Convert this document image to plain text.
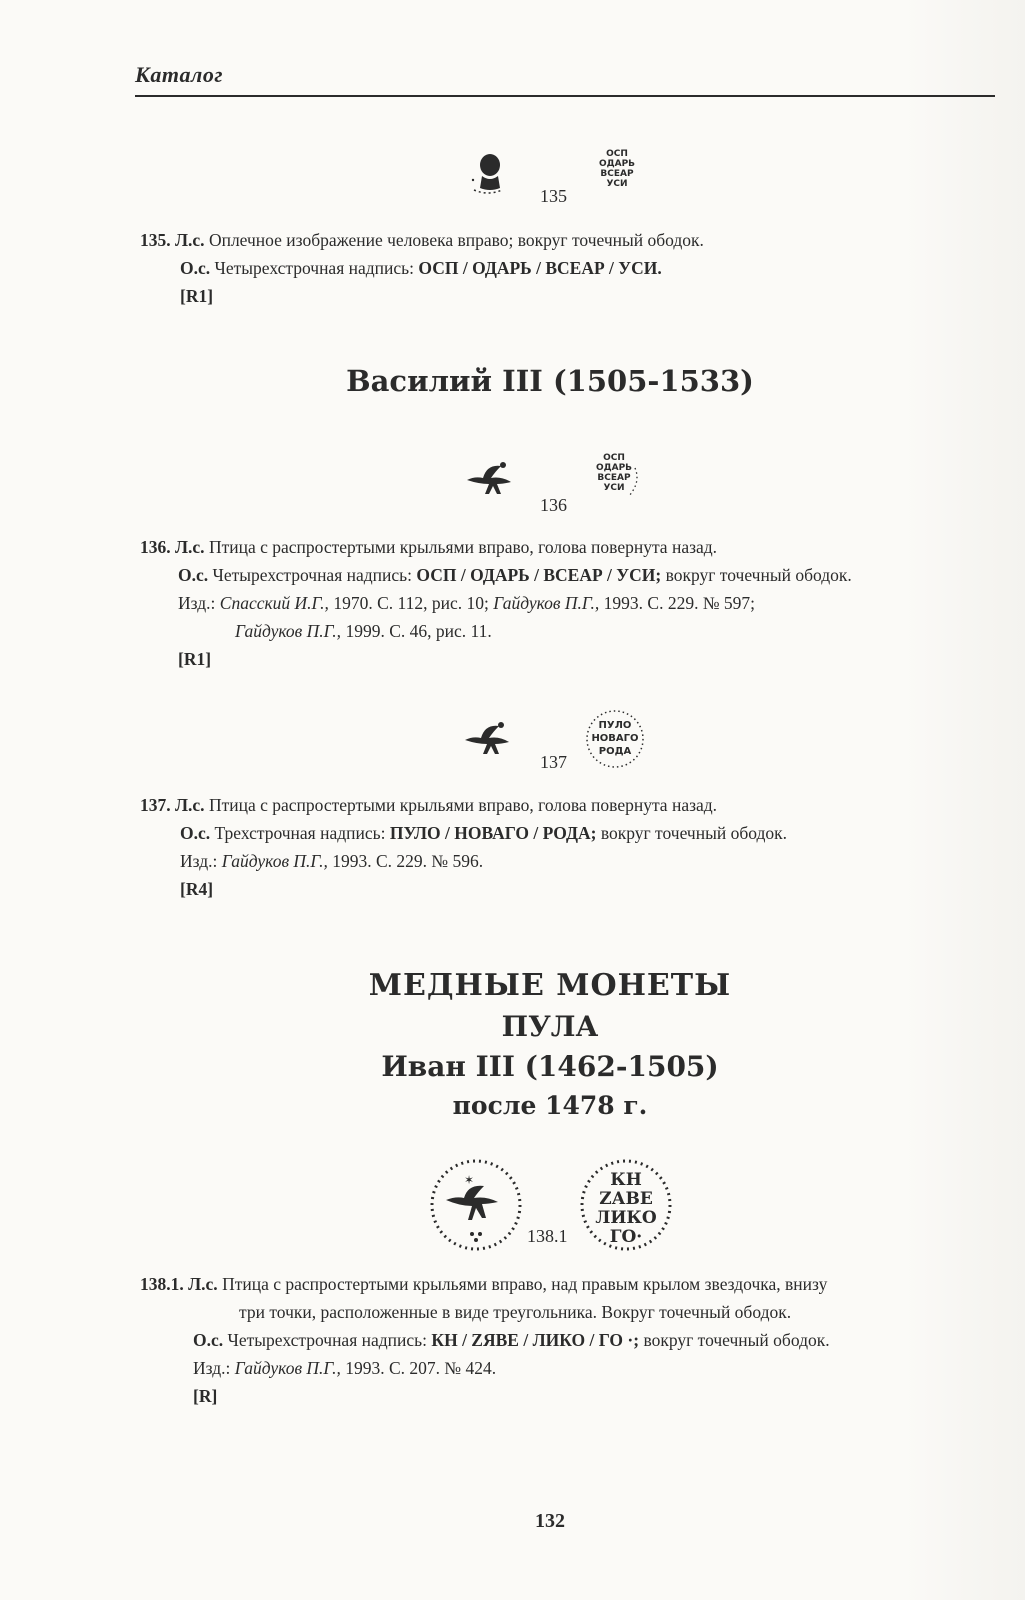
Каталог
ОСП
ОДАРЬ
ВСЕАР
УСИ
135
135. Л.с. Оплечное изображение человека вправо; вокруг точечный ободок.
О.с. Четырехстрочная надпись: ОСП / ОДАРЬ / ВСЕАР / УСИ.
[R1]
Василий III (1505-1533)
ОСП
ОДАРЬ
ВСЕАР
УСИ
136
136. Л.с. Птица с распростертыми крыльями вправо, голова повернута назад.
О.с. Четырехстрочная надпись: ОСП / ОДАРЬ / ВСЕАР / УСИ; вокруг точечный ободок.
Изд.: Спасский И.Г., 1970. С. 112, рис. 10; Гайдуков П.Г., 1993. С. 229. № 597;
Гайдуков П.Г., 1999. С. 46, рис. 11.
[R1]
ПУЛО
НОВАГО
РОДА
137
137. Л.с. Птица с распростертыми крыльями вправо, голова повернута назад.
О.с. Трехстрочная надпись: ПУЛО / НОВАГО / РОДА; вокруг точечный ободок.
Изд.: Гайдуков П.Г., 1993. С. 229. № 596.
[R4]
МЕДНЫЕ МОНЕТЫ
ПУЛА
Иван III (1462-1505)
после 1478 г.
✶	КН
ZАВЕ
ЛИКО
ГО·
138.1
138.1. Л.с. Птица с распростертыми крыльями вправо, над правым крылом звездочка, внизу
три точки, расположенные в виде треугольника. Вокруг точечный ободок.
О.с. Четырехстрочная надпись: КН / ZЯВЕ / ЛИКО / ГО ·; вокруг точечный ободок.
Изд.: Гайдуков П.Г., 1993. С. 207. № 424.
[R]
132
